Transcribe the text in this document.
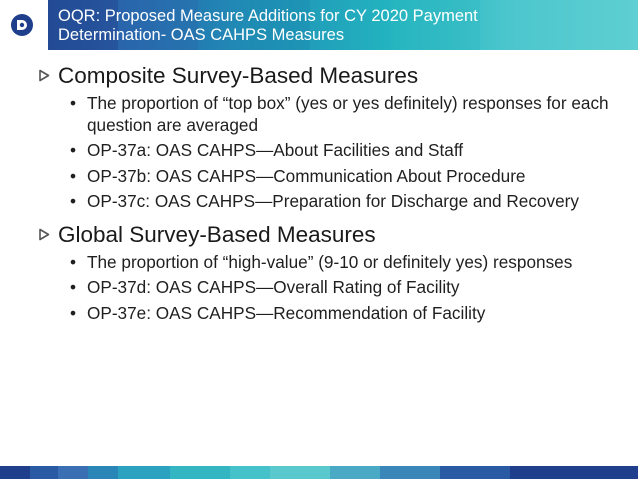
OQR: Proposed Measure Additions for CY 2020 Payment
Determination- OAS CAHPS Measures
Composite Survey-Based Measures
• The proportion of “top box” (yes or yes definitely) responses for each question are averaged
• OP-37a: OAS CAHPS—About Facilities and Staff
• OP-37b: OAS CAHPS—Communication About Procedure
• OP-37c: OAS CAHPS—Preparation for Discharge and Recovery
Global Survey-Based Measures
• The proportion of “high-value” (9-10 or definitely yes) responses
• OP-37d: OAS CAHPS—Overall Rating of Facility
• OP-37e: OAS CAHPS—Recommendation of Facility
